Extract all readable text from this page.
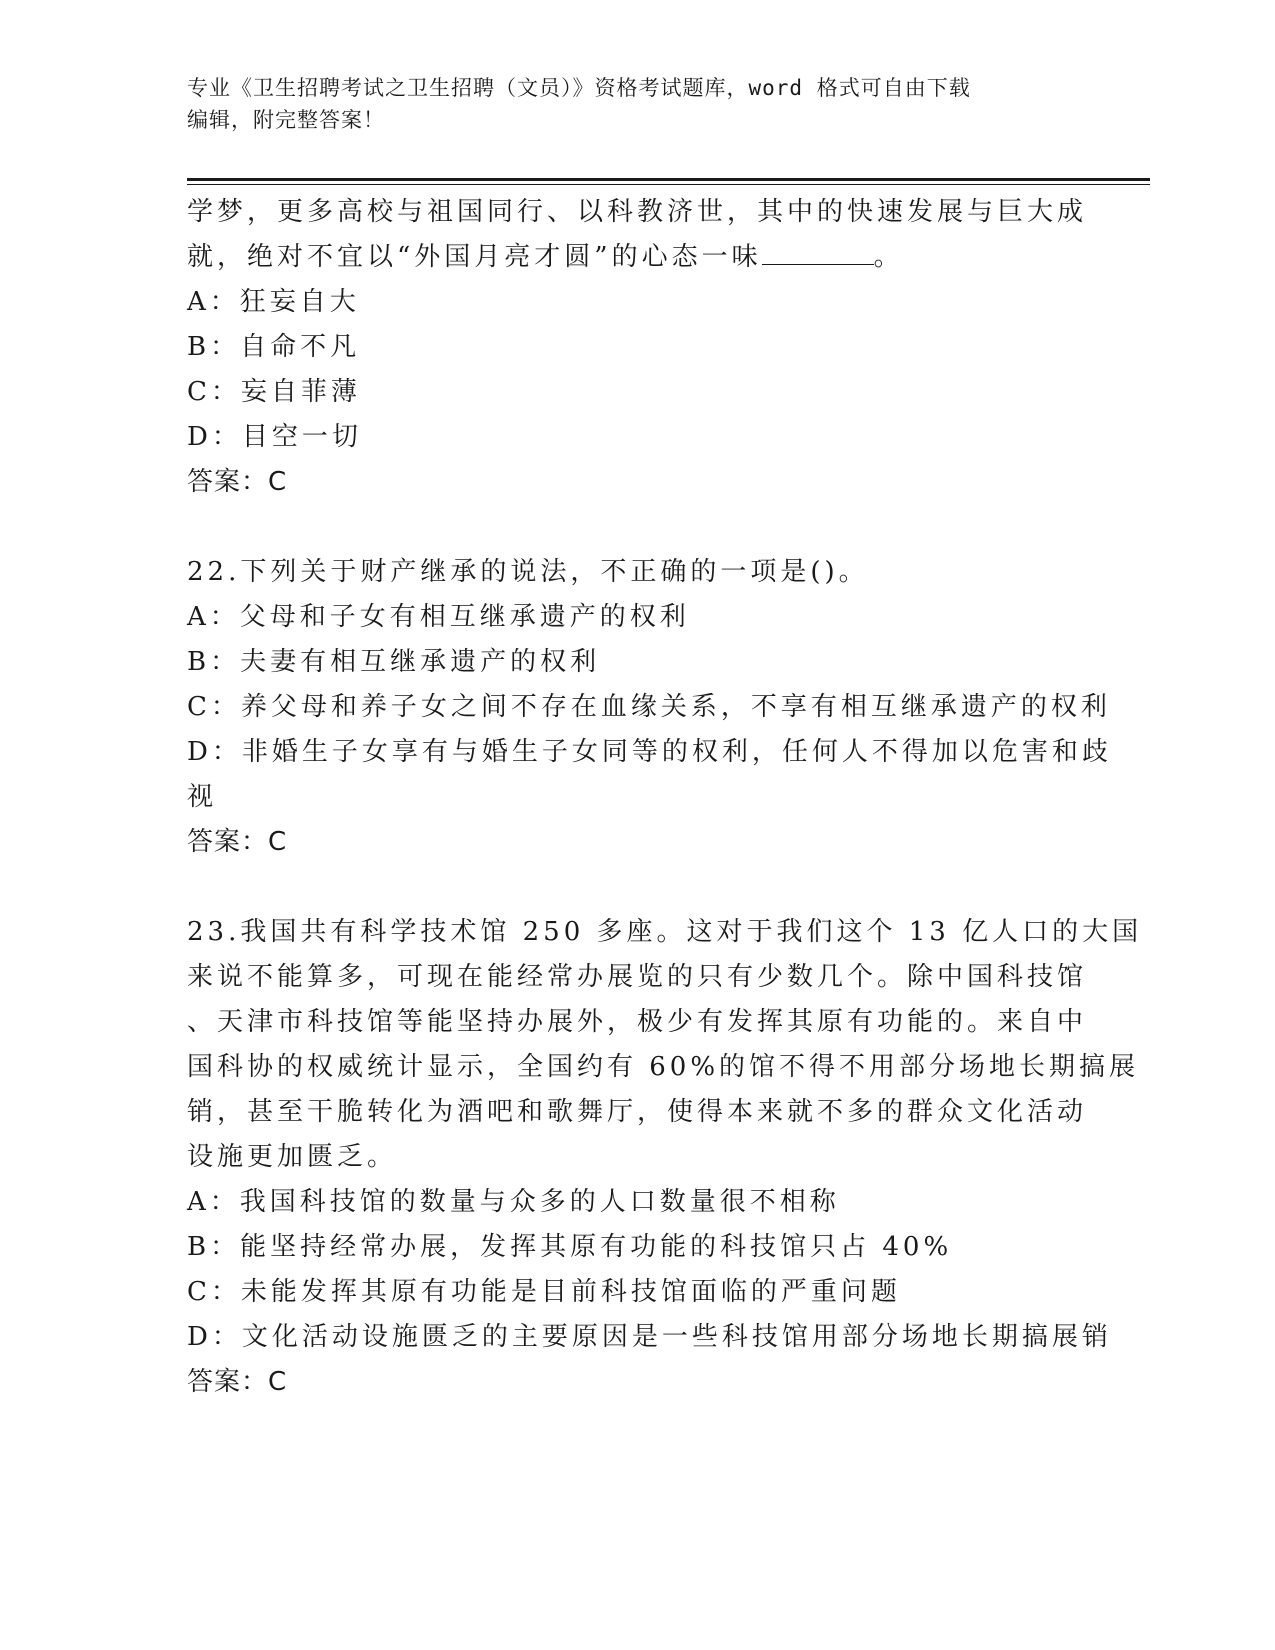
专业《卫生招聘考试之卫生招聘（文员）》资格考试题库，word 格式可自由下载
编辑，附完整答案！
学梦，更多高校与祖国同行、以科教济世，其中的快速发展与巨大成
就，绝对不宜以“外国月亮才圆”的心态一味	。
A：狂妄自大
B：自命不凡
C：妄自菲薄
D：目空一切
答案：C
22.下列关于财产继承的说法，不正确的一项是()。
A：父母和子女有相互继承遗产的权利
B：夫妻有相互继承遗产的权利
C：养父母和养子女之间不存在血缘关系，不享有相互继承遗产的权利
D：非婚生子女享有与婚生子女同等的权利，任何人不得加以危害和歧
视
答案：C
23.我国共有科学技术馆 250 多座。这对于我们这个 13 亿人口的大国
来说不能算多，可现在能经常办展览的只有少数几个。除中国科技馆
、天津市科技馆等能坚持办展外，极少有发挥其原有功能的。来自中
国科协的权威统计显示，全国约有 60%的馆不得不用部分场地长期搞展
销，甚至干脆转化为酒吧和歌舞厅，使得本来就不多的群众文化活动
设施更加匮乏。
A：我国科技馆的数量与众多的人口数量很不相称
B：能坚持经常办展，发挥其原有功能的科技馆只占 40%
C：未能发挥其原有功能是目前科技馆面临的严重问题
D：文化活动设施匮乏的主要原因是一些科技馆用部分场地长期搞展销
答案：C
